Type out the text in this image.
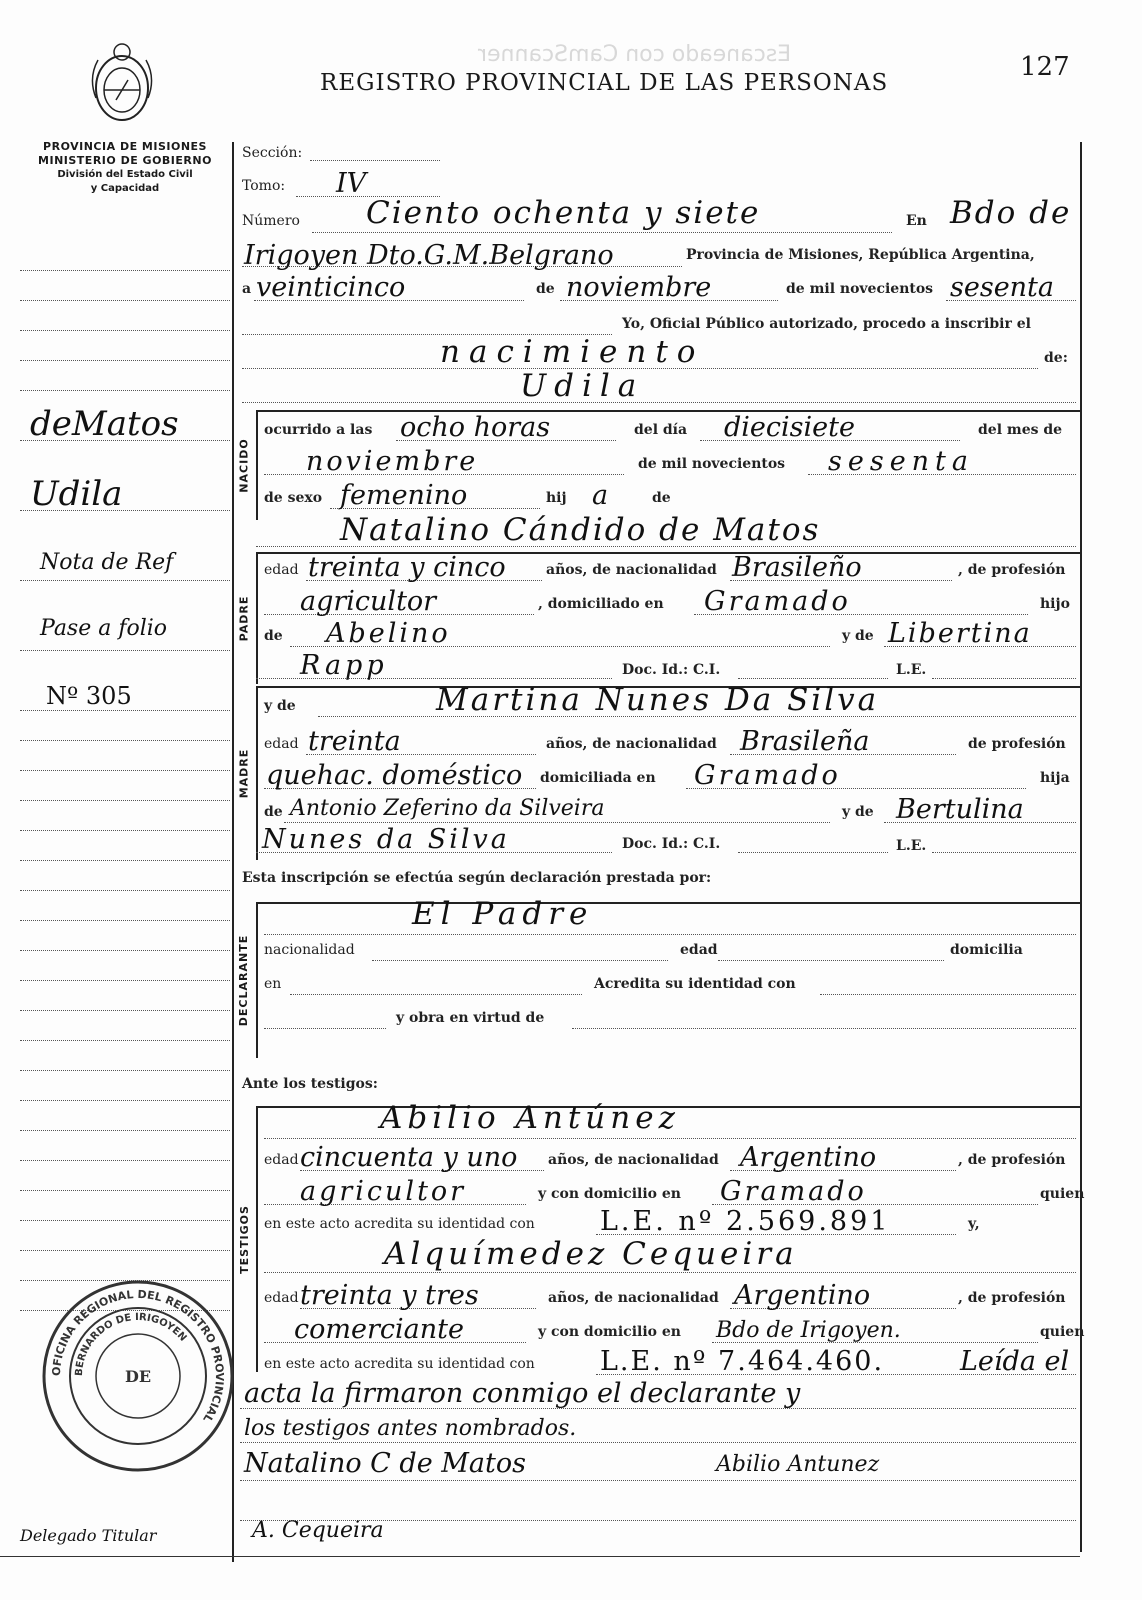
Escaneado con CamScanner
REGISTRO PROVINCIAL DE LAS PERSONAS
127
PROVINCIA DE MISIONES
MINISTERIO DE GOBIERNO
División del Estado Civil
y Capacidad
deMatos
Udila
Nota de Ref
Pase a folio
Nº 305
Delegado Titular
Sección:
Tomo: IV
Número Ciento ochenta y siete	En Bdo de
Irigoyen Dto.G.M.Belgrano	Provincia de Misiones, República Argentina,
a veinticinco	de noviembre	de mil novecientos sesenta
Yo, Oficial Público autorizado, procedo a inscribir el
nacimiento	de:
Udila
NACIDO
ocurrido a las ocho horas	del día diecisiete	del mes de
noviembre	de mil novecientos sesenta
de sexo femenino	hij a	de
Natalino Cándido de Matos
PADRE
edad treinta y cinco	años, de nacionalidad Brasileño	, de profesión
agricultor	, domiciliado en Gramado	hijo
de Abelino	y de Libertina
Rapp	Doc. Id.: C.I.	L.E.
MADRE
y de	Martina Nunes Da Silva
edad treinta	años, de nacionalidad Brasileña	de profesión
quehac. doméstico domiciliada en Gramado	hija
de Antonio Zeferino da Silveira	y de Bertulina
Nunes da Silva	Doc. Id.: C.I.	L.E.
Esta inscripción se efectúa según declaración prestada por:
DECLARANTE
El Padre
nacionalidad	edad	domicilia
en	Acredita su identidad con
y obra en virtud de
Ante los testigos:
TESTIGOS
Abilio Antúnez
edad cincuenta y uno años, de nacionalidad Argentino	, de profesión
agricultor	y con domicilio en Gramado	quien
en este acto acredita su identidad con L.E. nº 2.569.891	y,
Alquímedez Cequeira
edad treinta y tres	años, de nacionalidad Argentino	, de profesión
comerciante	y con domicilio en Bdo de Irigoyen.	quien
en este acto acredita su identidad con L.E. nº 7.464.460.	Leída el
acta la firmaron conmigo el declarante y
los testigos antes nombrados.
Natalino C de Matos	Abilio Antunez
A. Cequeira
OFICINA REGIONAL DEL REGISTRO PROVINCIAL
BERNARDO DE IRIGOYEN
DE
